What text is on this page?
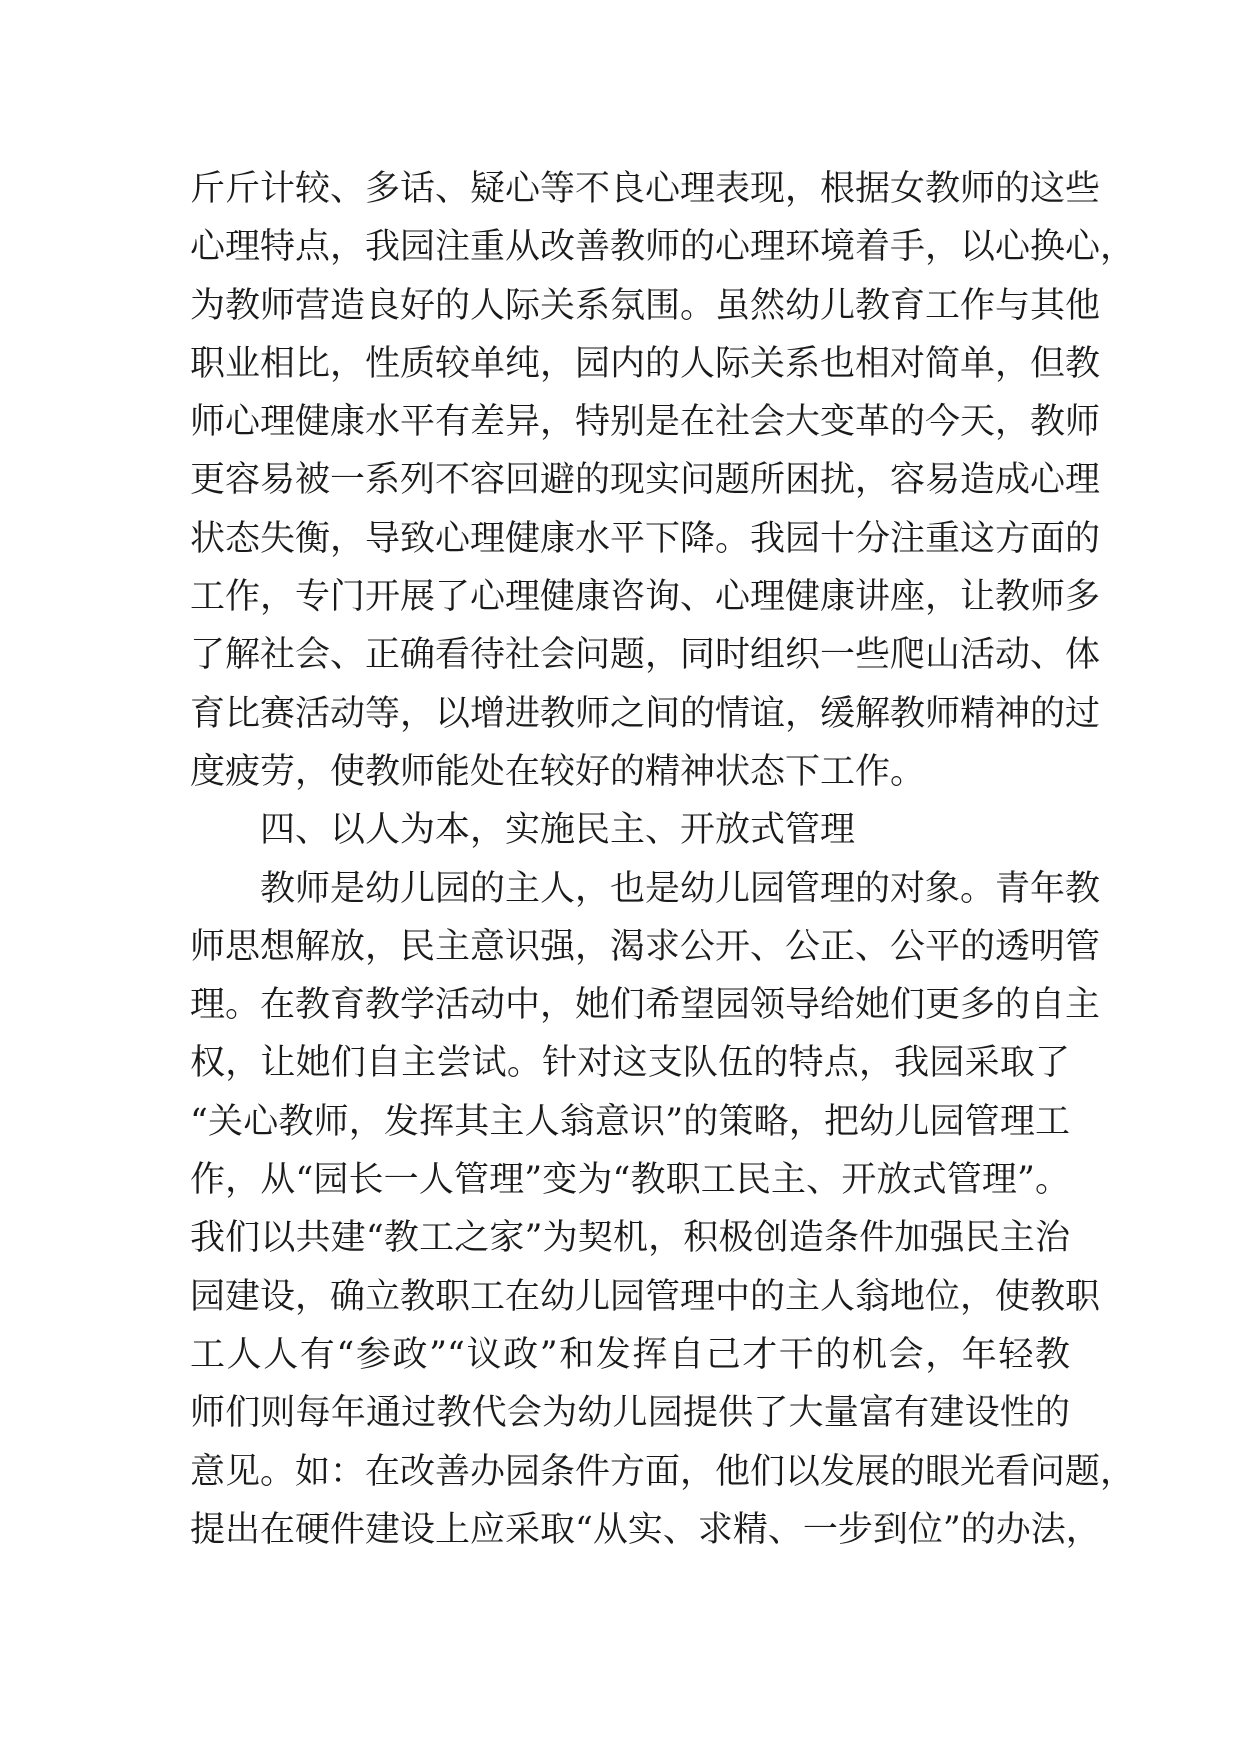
斤斤计较、多话、疑心等不良心理表现，根据女教师的这些
心理特点，我园注重从改善教师的心理环境着手，以心换心，
为教师营造良好的人际关系氛围。虽然幼儿教育工作与其他
职业相比，性质较单纯，园内的人际关系也相对简单，但教
师心理健康水平有差异，特别是在社会大变革的今天，教师
更容易被一系列不容回避的现实问题所困扰，容易造成心理
状态失衡，导致心理健康水平下降。我园十分注重这方面的
工作，专门开展了心理健康咨询、心理健康讲座，让教师多
了解社会、正确看待社会问题，同时组织一些爬山活动、体
育比赛活动等，以增进教师之间的情谊，缓解教师精神的过
度疲劳，使教师能处在较好的精神状态下工作。
四、以人为本，实施民主、开放式管理
教师是幼儿园的主人，也是幼儿园管理的对象。青年教
师思想解放，民主意识强，渴求公开、公正、公平的透明管
理。在教育教学活动中，她们希望园领导给她们更多的自主
权，让她们自主尝试。针对这支队伍的特点，我园采取了
“关心教师，发挥其主人翁意识”的策略，把幼儿园管理工
作，从“园长一人管理”变为“教职工民主、开放式管理”。
我们以共建“教工之家”为契机，积极创造条件加强民主治
园建设，确立教职工在幼儿园管理中的主人翁地位，使教职
工人人有“参政”“议政”和发挥自己才干的机会，年轻教
师们则每年通过教代会为幼儿园提供了大量富有建设性的
意见。如：在改善办园条件方面，他们以发展的眼光看问题，
提出在硬件建设上应采取“从实、求精、一步到位”的办法，
